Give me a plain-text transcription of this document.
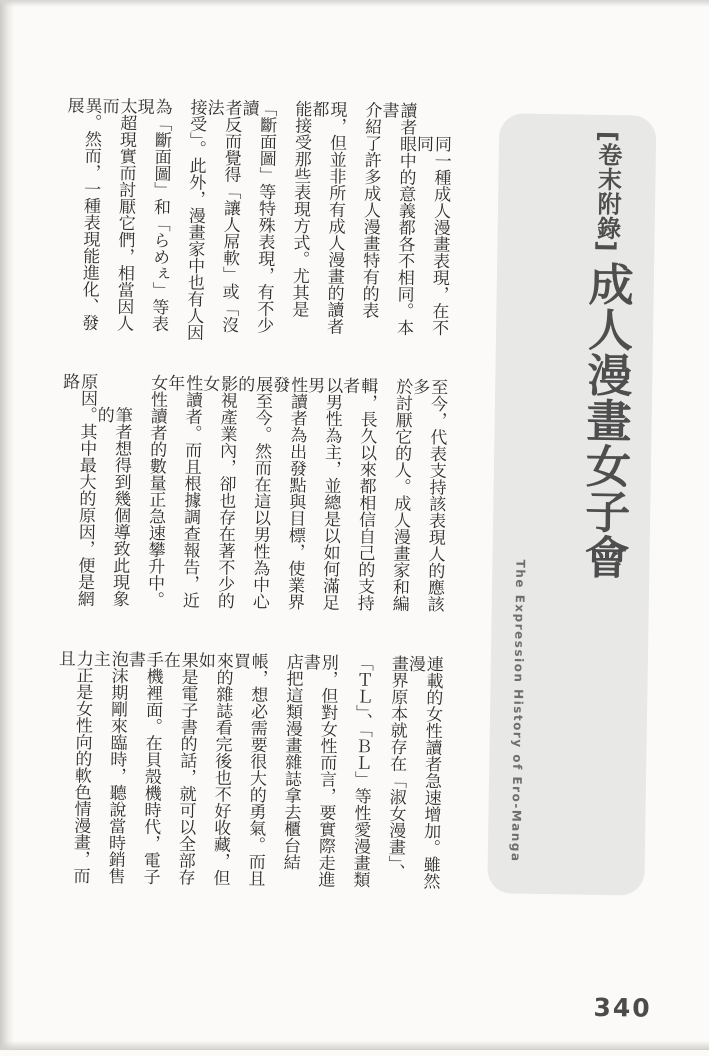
同一種成人漫畫表現，在不同
讀者眼中的意義都各不相同。本書
介紹了許多成人漫畫特有的表
現，但並非所有成人漫畫的讀者都
能接受那些表現方式。尤其是
「斷面圖」等特殊表現，有不少讀
者反而覺得「讓人屌軟」或「沒法
接受」。此外，漫畫家中也有人因
為「斷面圖」和「らめぇ」等表現
太超現實而討厭它們，相當因人而
異。然而，一種表現能進化、發展
至今，代表支持該表現人的應該多
於討厭它的人。成人漫畫家和編
輯，長久以來都相信自己的支持者
以男性為主，並總是以如何滿足男
性讀者為出發點與目標，使業界發
展至今。然而在這以男性為中心的
影視產業內，卻也存在著不少的女
性讀者。而且根據調查報告，近年
女性讀者的數量正急速攀升中。
筆者想得到幾個導致此現象的
原因。其中最大的原因，便是網路
連載的女性讀者急速增加。雖然漫
畫界原本就存在「淑女漫畫」、
「ＴＬ」、「ＢＬ」等性愛漫畫類
別，但對女性而言，要實際走進書
店把這類漫畫雜誌拿去櫃台結
帳，想必需要很大的勇氣。而且買
來的雜誌看完後也不好收藏，但如
果是電子書的話，就可以全部存在
手機裡面。在貝殼機時代，電子書
泡沫期剛來臨時，聽說當時銷售主
力正是女性向的軟色情漫畫，而且
[卷末附錄]
成人漫畫女子會
The Expression History of Ero-Manga
340
